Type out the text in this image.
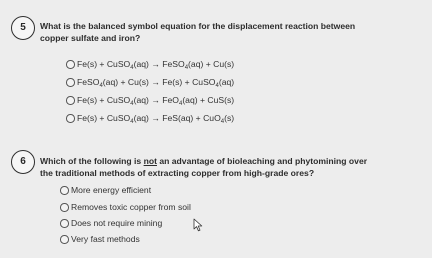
5	What is the balanced symbol equation for the displacement reaction between
copper sulfate and iron?
Fe(s) + CuSO$_4$(aq) → FeSO$_4$(aq) + Cu(s)
FeSO$_4$(aq) + Cu(s) → Fe(s) + CuSO$_4$(aq)
Fe(s) + CuSO$_4$(aq) → FeO$_4$(aq) + CuS(s)
Fe(s) + CuSO$_4$(aq) → FeS(aq) + CuO$_4$(s)
6	Which of the following is not an advantage of bioleaching and phytomining over
the traditional methods of extracting copper from high-grade ores?
More energy efficient
Removes toxic copper from soil
Does not require mining
Very fast methods
